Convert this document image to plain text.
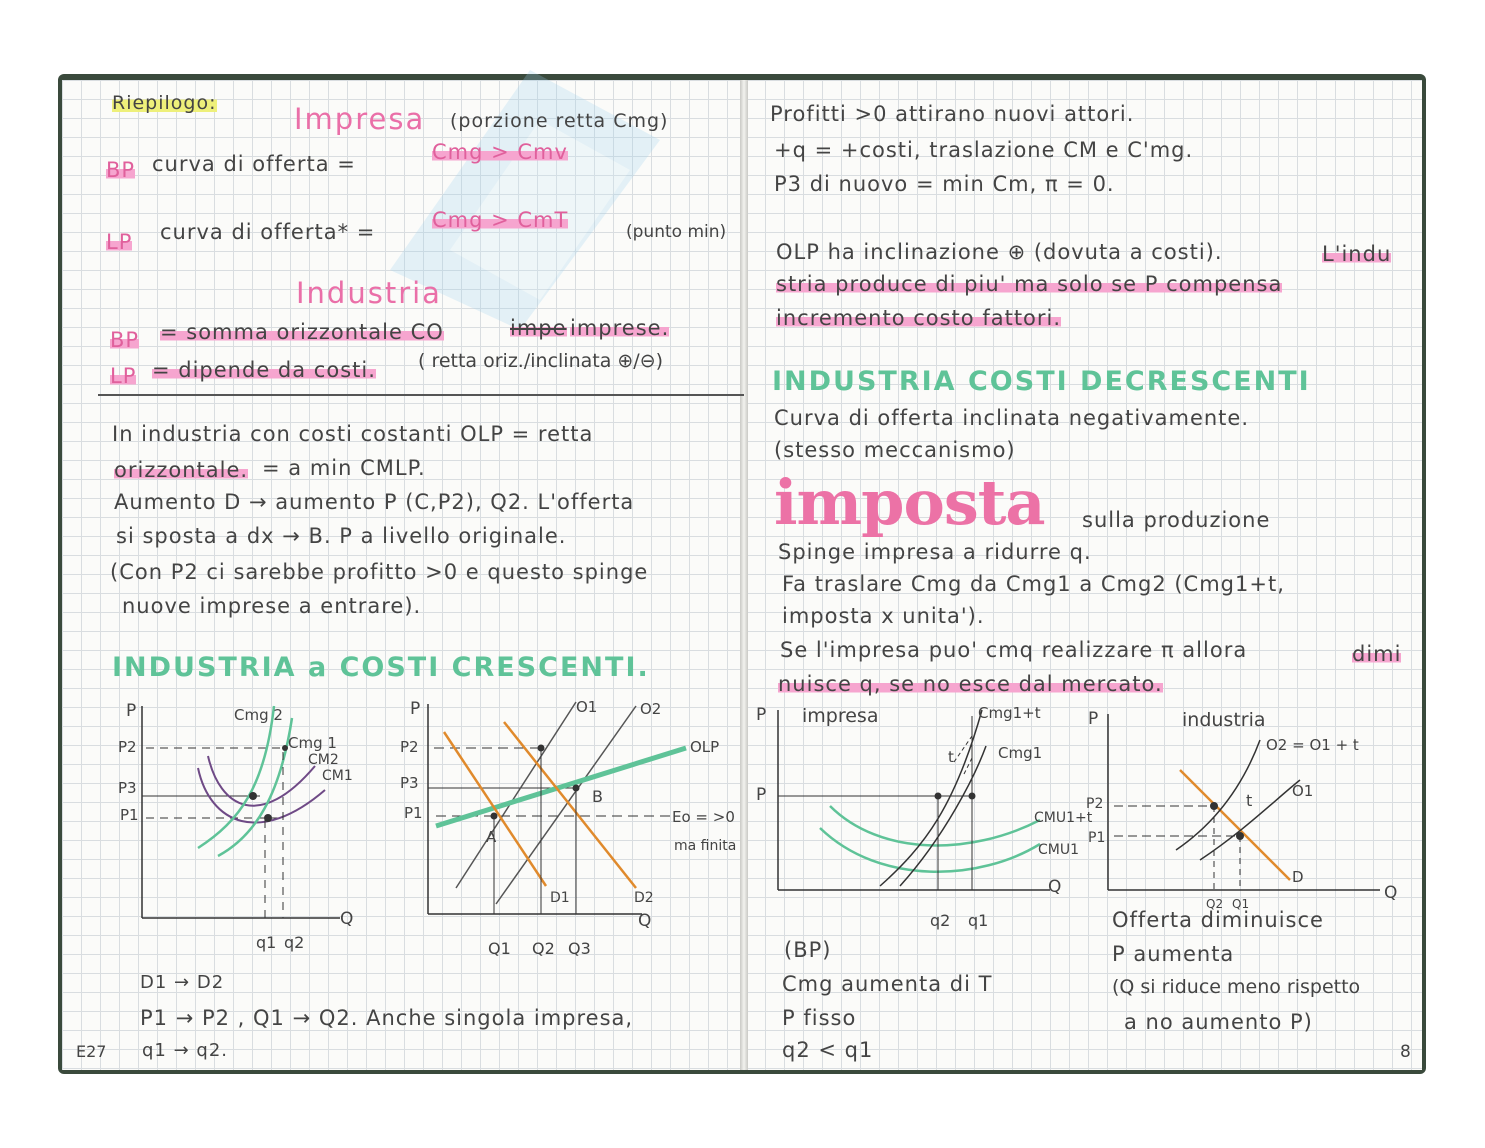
Riepilogo:	Impresa (porzione retta Cmg)
BP curva di offerta =	Cmg > Cmv
LP curva di offerta* =	Cmg > CmT	(punto min)
Industria
BP = somma orizzontale CO	impe imprese.
LP = dipende da costi. ( retta oriz./inclinata ⊕/⊖)
In industria con costi costanti OLP = retta
orizzontale. = a min CMLP.
Aumento D → aumento P (C,P2), Q2. L'offerta
si sposta a dx → B. P a livello originale.
(Con P2 ci sarebbe profitto >0 e questo spinge
nuove imprese a entrare).
INDUSTRIA a COSTI CRESCENTI.
P
Q
P2
P3
P1
Cmg 2
Cmg 1
CM2
CM1
q1 q2
P
Q
P2
P3
P1
O1	O2
OLP
A
B
D1	D2
Eo = >0
ma finita
Q1 Q2 Q3
D1 → D2
P1 → P2 , Q1 → Q2. Anche singola impresa,
q1 → q2.
E27
Profitti >0 attirano nuovi attori.
+q = +costi, traslazione CM e C'mg.
P3 di nuovo = min Cm, π = 0.
OLP ha inclinazione ⊕ (dovuta a costi).	L'indu
stria produce di piu' ma solo se P compensa
incremento costo fattori.
INDUSTRIA COSTI DECRESCENTI
Curva di offerta inclinata negativamente.
(stesso meccanismo)
imposta sulla produzione
Spinge impresa a ridurre q.
Fa traslare Cmg da Cmg1 a Cmg2 (Cmg1+t,
imposta x unita').
Se l'impresa puo' cmq realizzare π allora	dimi
nuisce q, se no esce dal mercato.
P impresa
Q
P
Cmg1+t
Cmg1
t
CMU1+t
CMU1
q2 q1
P	industria
Q
O2 = O1 + t
O1
t
D
P2
P1
Q2 Q1
(BP)
Cmg aumenta di T
P fisso
q2 < q1
Offerta diminuisce
P aumenta
(Q si riduce meno rispetto
a no aumento P)
8
